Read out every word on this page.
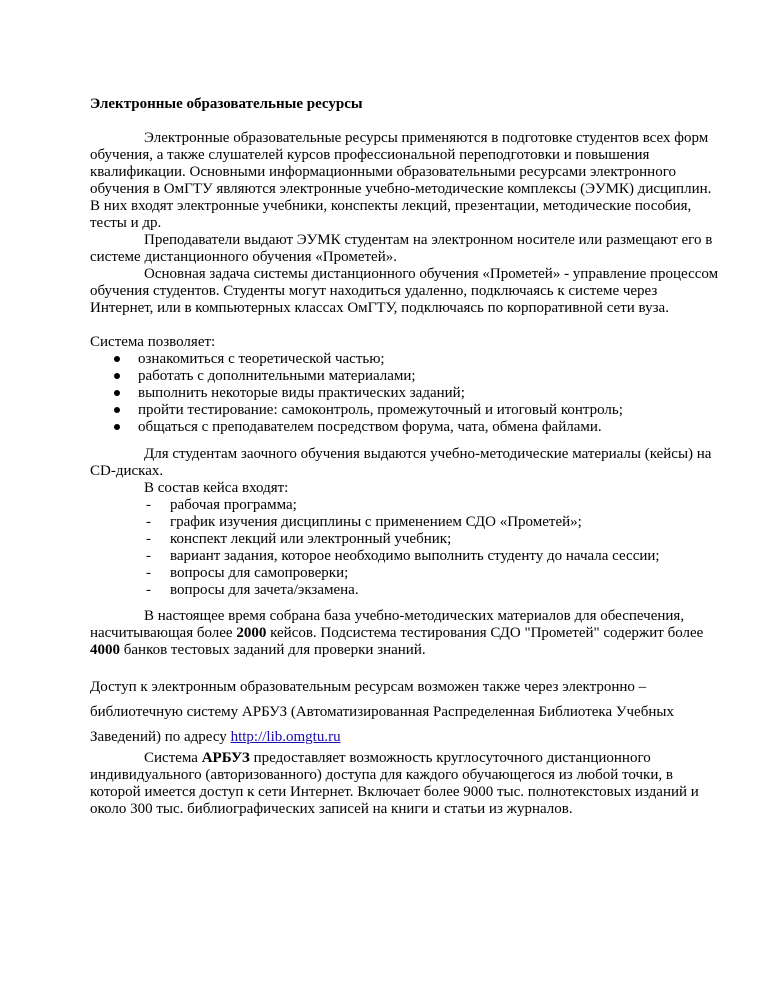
Электронные образовательные ресурсы

Электронные образовательные ресурсы применяются в подготовке студентов всех форм обучения, а также слушателей курсов профессиональной переподготовки и повышения квалификации. Основными информационными образовательными ресурсами электронного обучения в ОмГТУ являются электронные учебно-методические комплексы (ЭУМК) дисциплин. В них входят электронные учебники, конспекты лекций, презентации, методические пособия, тесты и др.

Преподаватели выдают ЭУМК студентам на электронном носителе или размещают его в системе дистанционного обучения «Прометей».

Основная задача системы дистанционного обучения «Прометей» - управление процессом обучения студентов. Студенты могут находиться удаленно, подключаясь к системе через Интернет, или в компьютерных классах ОмГТУ, подключаясь по корпоративной сети вуза.

Система позволяет:

ознакомиться с теоретической частью;
работать с дополнительными материалами;
выполнить некоторые виды практических заданий;
пройти тестирование: самоконтроль, промежуточный и итоговый контроль;
общаться с преподавателем посредством форума, чата, обмена файлами.

Для студентам заочного обучения выдаются учебно-методические материалы (кейсы) на CD-дисках.

В состав кейса входят:

- рабочая программа;
- график изучения дисциплины с применением СДО «Прометей»;
- конспект лекций или электронный учебник;
- вариант задания, которое необходимо выполнить студенту до начала сессии;
- вопросы для самопроверки;
- вопросы для зачета/экзамена.

В настоящее время собрана база учебно-методических материалов для обеспечения, насчитывающая более 2000 кейсов. Подсистема тестирования СДО "Прометей" содержит более 4000 банков тестовых заданий для проверки знаний.

Доступ к электронным образовательным ресурсам возможен также через электронно – библиотечную систему АРБУЗ (Автоматизированная Распределенная Библиотека Учебных Заведений) по адресу http://lib.omgtu.ru

Система АРБУЗ предоставляет возможность круглосуточного дистанционного индивидуального (авторизованного) доступа для каждого обучающегося из любой точки, в которой имеется доступ к сети Интернет. Включает более 9000 тыс. полнотекстовых изданий и около 300 тыс. библиографических записей на книги и статьи из журналов.
